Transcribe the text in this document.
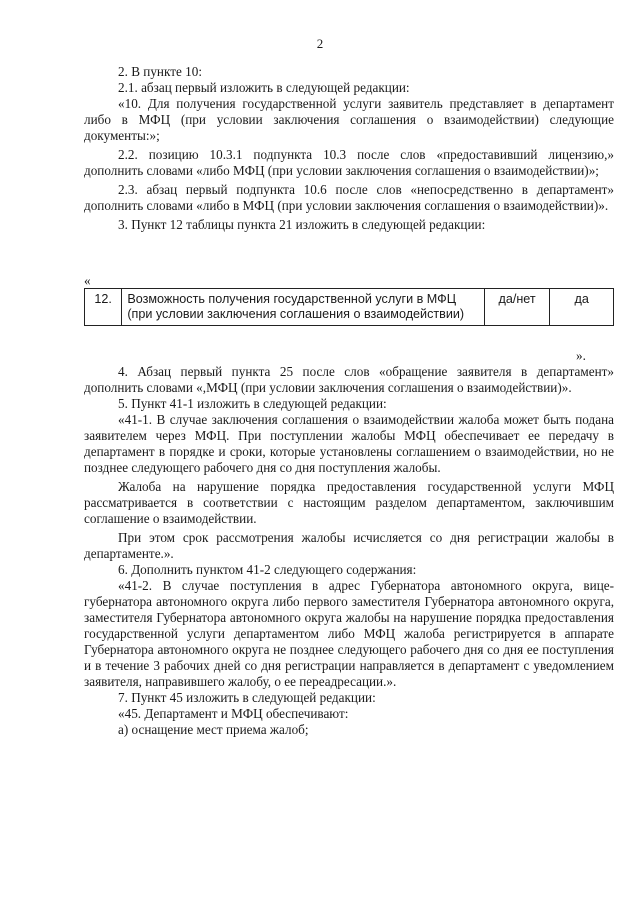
2

2. В пункте 10:

2.1. абзац первый изложить в следующей редакции:

«10. Для получения государственной услуги заявитель представляет в департамент либо в МФЦ (при условии заключения соглашения о взаимодействии) следующие документы:»;

2.2. позицию 10.3.1 подпункта 10.3 после слов «предоставивший лицензию,» дополнить словами «либо МФЦ (при условии заключения соглашения о взаимодействии)»;

2.3. абзац первый подпункта 10.6 после слов «непосредственно в департамент» дополнить словами «либо в МФЦ (при условии заключения соглашения о взаимодействии)».

3. Пункт 12 таблицы пункта 21 изложить в следующей редакции:

«
12.	Возможность получения государственной услуги в МФЦ (при условии заключения соглашения о взаимодействии)	да/нет	да
».

4. Абзац первый пункта 25 после слов «обращение заявителя в департамент» дополнить словами «,МФЦ (при условии заключения соглашения о взаимодействии)».

5. Пункт 41-1 изложить в следующей редакции:

«41-1. В случае заключения соглашения о взаимодействии жалоба может быть подана заявителем через МФЦ. При поступлении жалобы МФЦ обеспечивает ее передачу в департамент в порядке и сроки, которые установлены соглашением о взаимодействии, но не позднее следующего рабочего дня со дня поступления жалобы.

Жалоба на нарушение порядка предоставления государственной услуги МФЦ рассматривается в соответствии с настоящим разделом департаментом, заключившим соглашение о взаимодействии.

При этом срок рассмотрения жалобы исчисляется со дня регистрации жалобы в департаменте.».

6. Дополнить пунктом 41-2 следующего содержания:

«41-2. В случае поступления в адрес Губернатора автономного округа, вице-губернатора автономного округа либо первого заместителя Губернатора автономного округа, заместителя Губернатора автономного округа жалобы на нарушение порядка предоставления государственной услуги департаментом либо МФЦ жалоба регистрируется в аппарате Губернатора автономного округа не позднее следующего рабочего дня со дня ее поступления и в течение 3 рабочих дней со дня регистрации направляется в департамент с уведомлением заявителя, направившего жалобу, о ее переадресации.».

7. Пункт 45 изложить в следующей редакции:

«45. Департамент и МФЦ обеспечивают:

а) оснащение мест приема жалоб;
